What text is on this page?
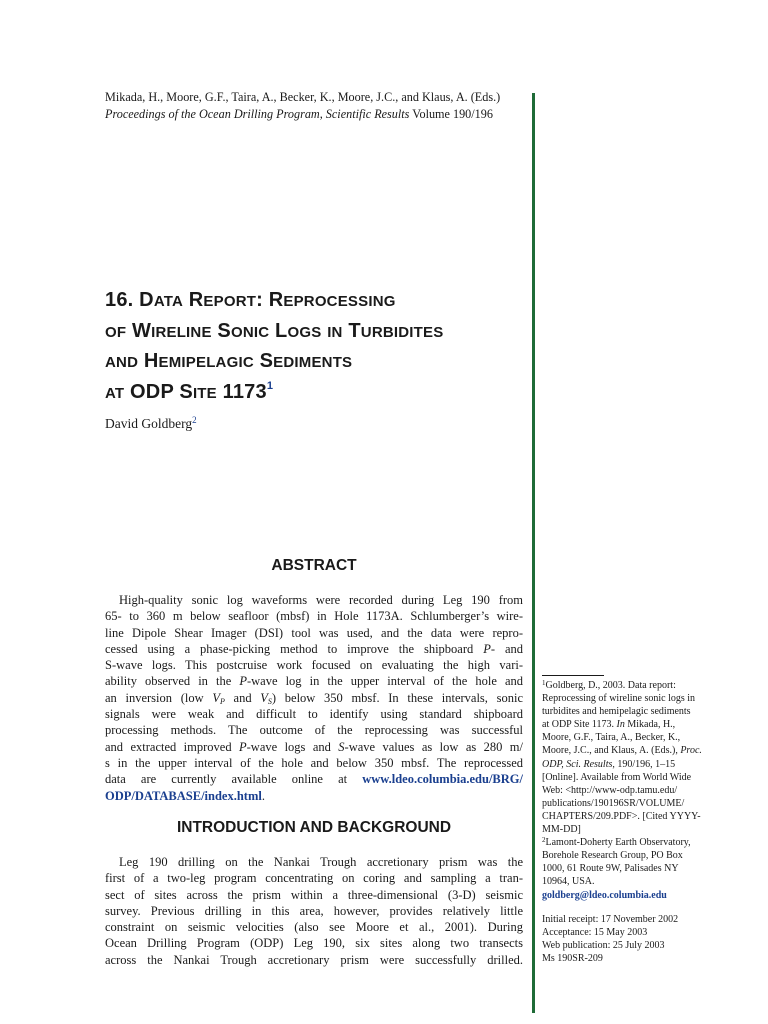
Mikada, H., Moore, G.F., Taira, A., Becker, K., Moore, J.C., and Klaus, A. (Eds.)
Proceedings of the Ocean Drilling Program, Scientific Results Volume 190/196
16. DATA REPORT: REPROCESSING
OF WIRELINE SONIC LOGS IN TURBIDITES
AND HEMIPELAGIC SEDIMENTS
AT ODP SITE 1173$^1$
David Goldberg$^2$
ABSTRACT
High-quality sonic log waveforms were recorded during Leg 190 from
65- to 360 m below seafloor (mbsf) in Hole 1173A. Schlumberger’s wire-
line Dipole Shear Imager (DSI) tool was used, and the data were repro-
cessed using a phase-picking method to improve the shipboard P- and
S-wave logs. This postcruise work focused on evaluating the high vari-
ability observed in the P-wave log in the upper interval of the hole and
an inversion (low $V_P$ and $V_S$) below 350 mbsf. In these intervals, sonic
signals were weak and difficult to identify using standard shipboard
processing methods. The outcome of the reprocessing was successful
and extracted improved P-wave logs and S-wave values as low as 280 m/
s in the upper interval of the hole and below 350 mbsf. The reprocessed
data are currently available online at www.ldeo.columbia.edu/BRG/
ODP/DATABASE/index.html.
INTRODUCTION AND BACKGROUND
Leg 190 drilling on the Nankai Trough accretionary prism was the
first of a two-leg program concentrating on coring and sampling a tran-
sect of sites across the prism within a three-dimensional (3-D) seismic
survey. Previous drilling in this area, however, provides relatively little
constraint on seismic velocities (also see Moore et al., 2001). During
Ocean Drilling Program (ODP) Leg 190, six sites along two transects
across the Nankai Trough accretionary prism were successfully drilled.
$^1$Goldberg, D., 2003. Data report:
Reprocessing of wireline sonic logs in
turbidites and hemipelagic sediments
at ODP Site 1173. In Mikada, H.,
Moore, G.F., Taira, A., Becker, K.,
Moore, J.C., and Klaus, A. (Eds.), Proc.
ODP, Sci. Results, 190/196, 1–15
[Online]. Available from World Wide
Web: <http://www-odp.tamu.edu/
publications/190196SR/VOLUME/
CHAPTERS/209.PDF>. [Cited YYYY-
MM-DD]
$^2$Lamont-Doherty Earth Observatory,
Borehole Research Group, PO Box
1000, 61 Route 9W, Palisades NY
10964, USA.
goldberg@ldeo.columbia.edu
Initial receipt: 17 November 2002
Acceptance: 15 May 2003
Web publication: 25 July 2003
Ms 190SR-209
